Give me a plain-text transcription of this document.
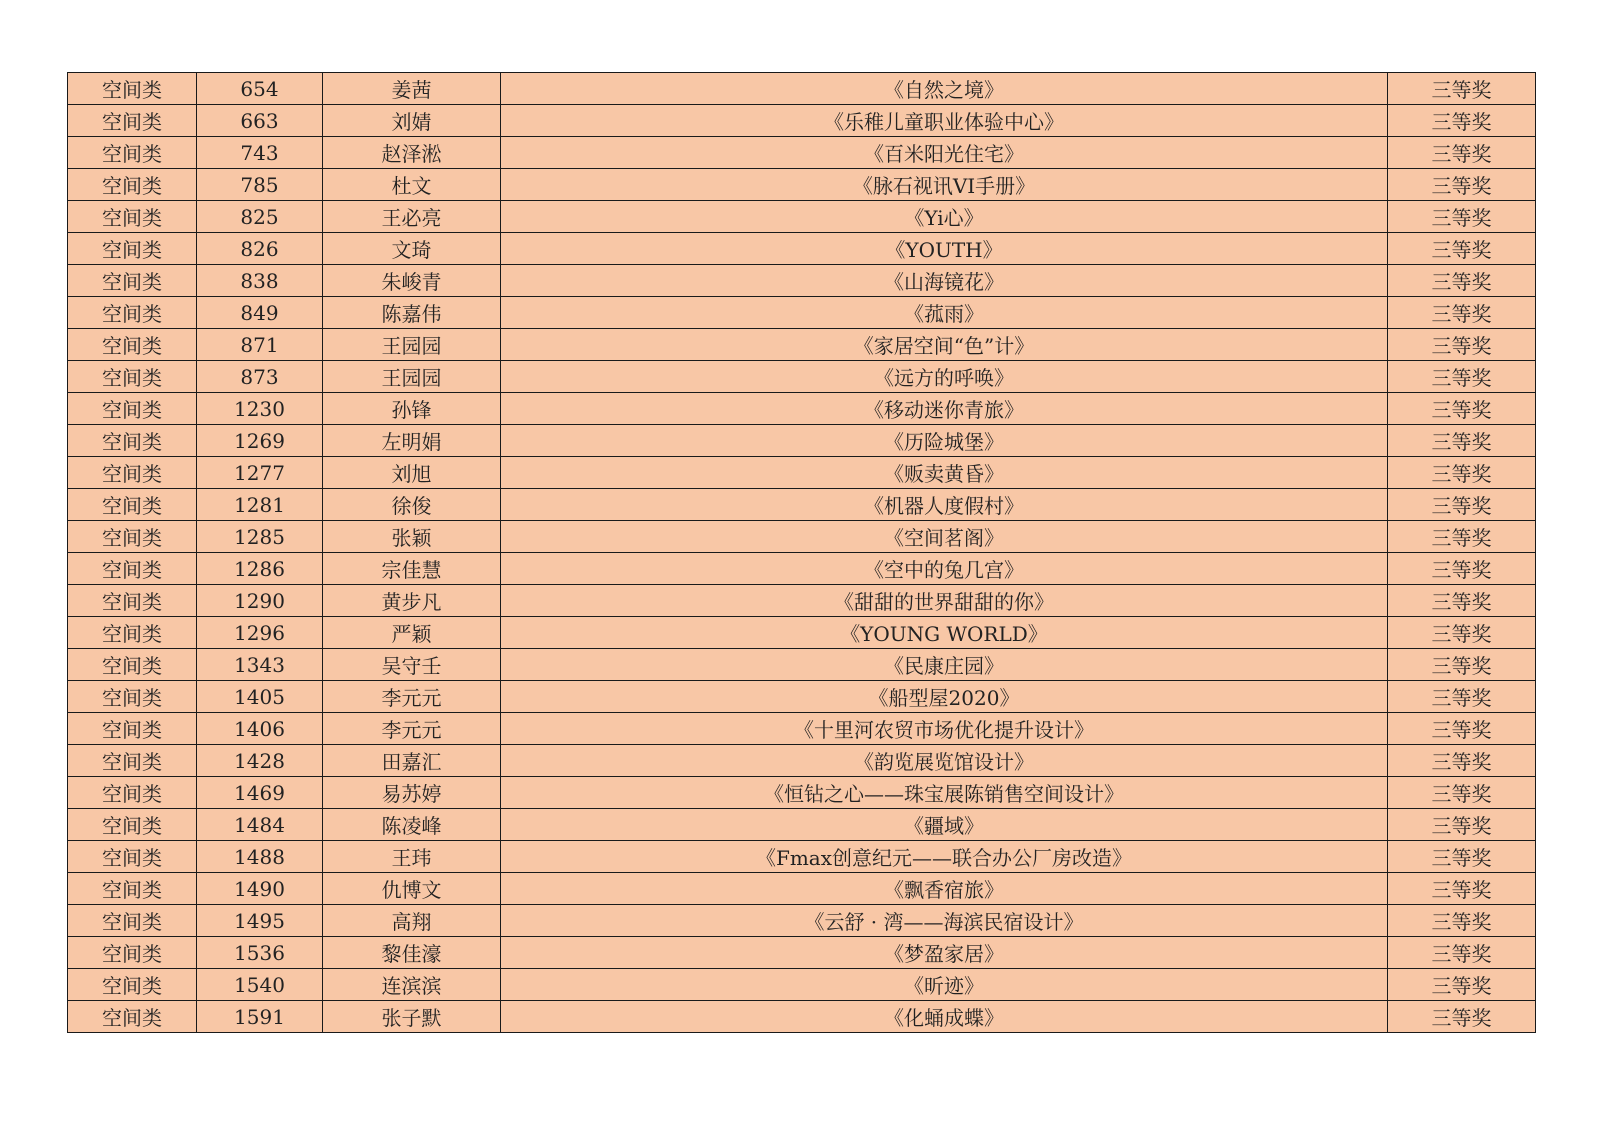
空间类	654	姜茜	《自然之境》	三等奖
空间类	663	刘婧	《乐稚儿童职业体验中心》	三等奖
空间类	743	赵泽淞	《百米阳光住宅》	三等奖
空间类	785	杜文	《脉石视讯VI手册》	三等奖
空间类	825	王必亮	《Yi心》	三等奖
空间类	826	文琦	《YOUTH》	三等奖
空间类	838	朱峻青	《山海镜花》	三等奖
空间类	849	陈嘉伟	《菰雨》	三等奖
空间类	871	王园园	《家居空间“色”计》	三等奖
空间类	873	王园园	《远方的呼唤》	三等奖
空间类	1230	孙锋	《移动迷你青旅》	三等奖
空间类	1269	左明娟	《历险城堡》	三等奖
空间类	1277	刘旭	《贩卖黄昏》	三等奖
空间类	1281	徐俊	《机器人度假村》	三等奖
空间类	1285	张颖	《空间茗阁》	三等奖
空间类	1286	宗佳慧	《空中的兔几宫》	三等奖
空间类	1290	黄步凡	《甜甜的世界甜甜的你》	三等奖
空间类	1296	严颖	《YOUNG WORLD》	三等奖
空间类	1343	吴守壬	《民康庄园》	三等奖
空间类	1405	李元元	《船型屋2020》	三等奖
空间类	1406	李元元	《十里河农贸市场优化提升设计》	三等奖
空间类	1428	田嘉汇	《韵览展览馆设计》	三等奖
空间类	1469	易苏婷	《恒钻之心——珠宝展陈销售空间设计》	三等奖
空间类	1484	陈凌峰	《疆域》	三等奖
空间类	1488	王玮	《Fmax创意纪元——联合办公厂房改造》	三等奖
空间类	1490	仇博文	《飘香宿旅》	三等奖
空间类	1495	高翔	《云舒 · 湾——海滨民宿设计》	三等奖
空间类	1536	黎佳濠	《梦盈家居》	三等奖
空间类	1540	连滨滨	《昕迹》	三等奖
空间类	1591	张子默	《化蛹成蝶》	三等奖
